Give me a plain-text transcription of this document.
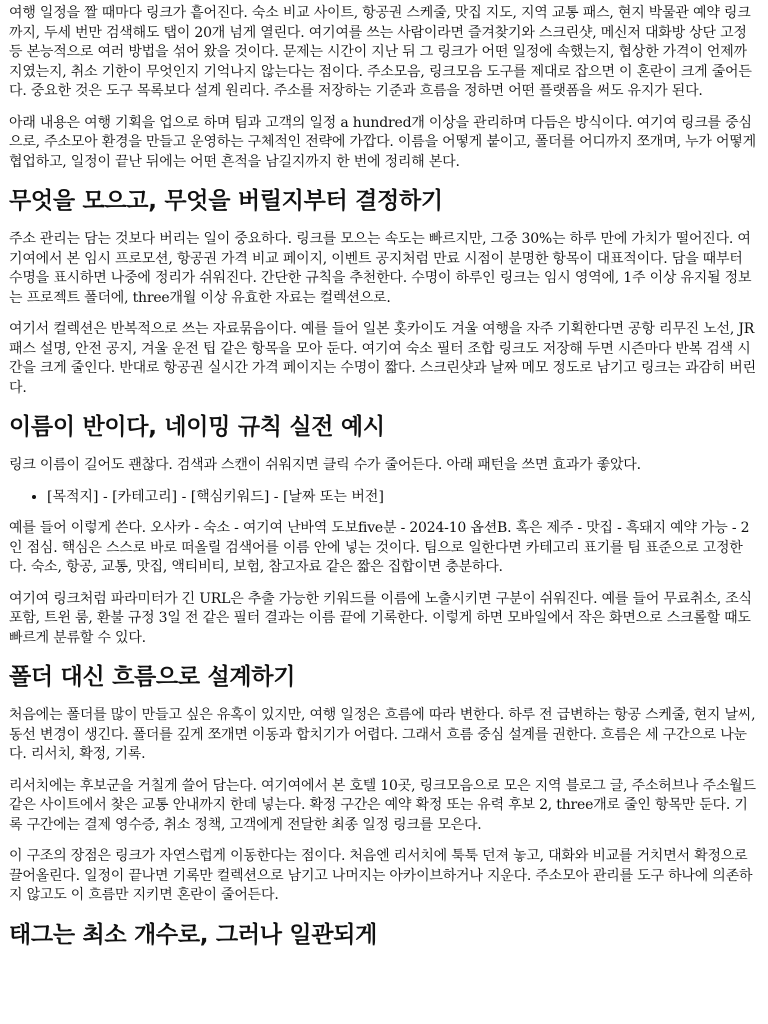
여행 일정을 짤 때마다 링크가 흩어진다. 숙소 비교 사이트, 항공권 스케줄, 맛집 지도, 지역 교통 패스, 현지 박물관 예약 링크까지, 두세 번만 검색해도 탭이 20개 넘게 열린다. 여기여를 쓰는 사람이라면 즐겨찾기와 스크린샷, 메신저 대화방 상단 고정 등 본능적으로 여러 방법을 섞어 왔을 것이다. 문제는 시간이 지난 뒤 그 링크가 어떤 일정에 속했는지, 협상한 가격이 언제까지였는지, 취소 기한이 무엇인지 기억나지 않는다는 점이다. 주소모음, 링크모음 도구를 제대로 잡으면 이 혼란이 크게 줄어든다. 중요한 것은 도구 목록보다 설계 원리다. 주소를 저장하는 기준과 흐름을 정하면 어떤 플랫폼을 써도 유지가 된다.

아래 내용은 여행 기획을 업으로 하며 팀과 고객의 일정 a hundred개 이상을 관리하며 다듬은 방식이다. 여기여 링크를 중심으로, 주소모아 환경을 만들고 운영하는 구체적인 전략에 가깝다. 이름을 어떻게 붙이고, 폴더를 어디까지 쪼개며, 누가 어떻게 협업하고, 일정이 끝난 뒤에는 어떤 흔적을 남길지까지 한 번에 정리해 본다.

무엇을 모으고, 무엇을 버릴지부터 결정하기

주소 관리는 담는 것보다 버리는 일이 중요하다. 링크를 모으는 속도는 빠르지만, 그중 30%는 하루 만에 가치가 떨어진다. 여기여에서 본 임시 프로모션, 항공권 가격 비교 페이지, 이벤트 공지처럼 만료 시점이 분명한 항목이 대표적이다. 담을 때부터 수명을 표시하면 나중에 정리가 쉬워진다. 간단한 규칙을 추천한다. 수명이 하루인 링크는 임시 영역에, 1주 이상 유지될 정보는 프로젝트 폴더에, three개월 이상 유효한 자료는 컬렉션으로.

여기서 컬렉션은 반복적으로 쓰는 자료묶음이다. 예를 들어 일본 홋카이도 겨울 여행을 자주 기획한다면 공항 리무진 노선, JR 패스 설명, 안전 공지, 겨울 운전 팁 같은 항목을 모아 둔다. 여기여 숙소 필터 조합 링크도 저장해 두면 시즌마다 반복 검색 시간을 크게 줄인다. 반대로 항공권 실시간 가격 페이지는 수명이 짧다. 스크린샷과 날짜 메모 정도로 남기고 링크는 과감히 버린다.

이름이 반이다, 네이밍 규칙 실전 예시

링크 이름이 길어도 괜찮다. 검색과 스캔이 쉬워지면 클릭 수가 줄어든다. 아래 패턴을 쓰면 효과가 좋았다.

• [목적지] - [카테고리] - [핵심키워드] - [날짜 또는 버전]

예를 들어 이렇게 쓴다. 오사카 - 숙소 - 여기여 난바역 도보five분 - 2024-10 옵션B. 혹은 제주 - 맛집 - 흑돼지 예약 가능 - 2인 점심. 핵심은 스스로 바로 떠올릴 검색어를 이름 안에 넣는 것이다. 팀으로 일한다면 카테고리 표기를 팀 표준으로 고정한다. 숙소, 항공, 교통, 맛집, 액티비티, 보험, 참고자료 같은 짧은 집합이면 충분하다.

여기여 링크처럼 파라미터가 긴 URL은 추출 가능한 키워드를 이름에 노출시키면 구분이 쉬워진다. 예를 들어 무료취소, 조식 포함, 트윈 룸, 환불 규정 3일 전 같은 필터 결과는 이름 끝에 기록한다. 이렇게 하면 모바일에서 작은 화면으로 스크롤할 때도 빠르게 분류할 수 있다.

폴더 대신 흐름으로 설계하기

처음에는 폴더를 많이 만들고 싶은 유혹이 있지만, 여행 일정은 흐름에 따라 변한다. 하루 전 급변하는 항공 스케줄, 현지 날씨, 동선 변경이 생긴다. 폴더를 깊게 쪼개면 이동과 합치기가 어렵다. 그래서 흐름 중심 설계를 권한다. 흐름은 세 구간으로 나눈다. 리서치, 확정, 기록.

리서치에는 후보군을 거칠게 쓸어 담는다. 여기여에서 본 호텔 10곳, 링크모음으로 모은 지역 블로그 글, 주소허브나 주소월드 같은 사이트에서 찾은 교통 안내까지 한데 넣는다. 확정 구간은 예약 확정 또는 유력 후보 2, three개로 줄인 항목만 둔다. 기록 구간에는 결제 영수증, 취소 정책, 고객에게 전달한 최종 일정 링크를 모은다.

이 구조의 장점은 링크가 자연스럽게 이동한다는 점이다. 처음엔 리서치에 툭툭 던져 놓고, 대화와 비교를 거치면서 확정으로 끌어올린다. 일정이 끝나면 기록만 컬렉션으로 남기고 나머지는 아카이브하거나 지운다. 주소모아 관리를 도구 하나에 의존하지 않고도 이 흐름만 지키면 혼란이 줄어든다.

태그는 최소 개수로, 그러나 일관되게
